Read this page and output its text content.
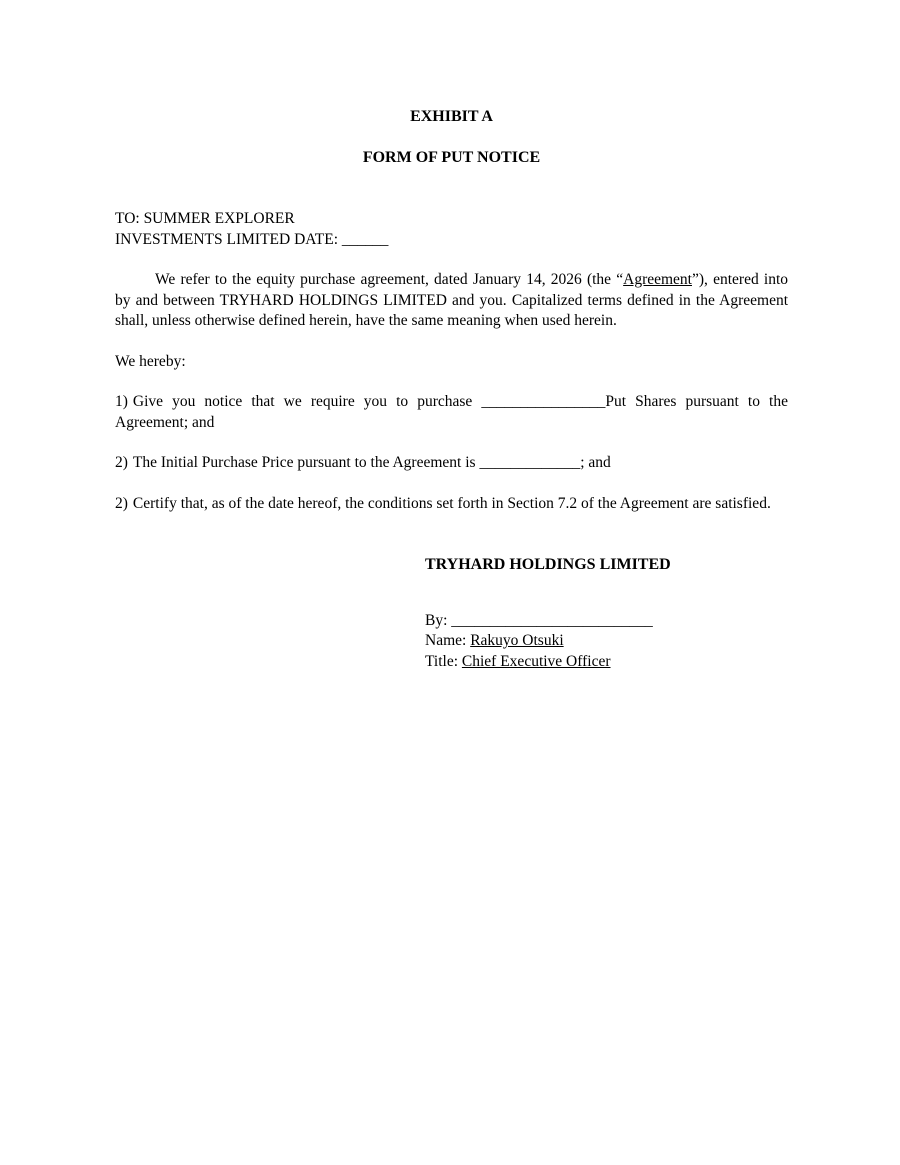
EXHIBIT A

FORM OF PUT NOTICE

TO: SUMMER EXPLORER
INVESTMENTS LIMITED DATE: ______

We refer to the equity purchase agreement, dated January 14, 2026 (the “Agreement”), entered into by and between TRYHARD HOLDINGS LIMITED and you. Capitalized terms defined in the Agreement shall, unless otherwise defined herein, have the same meaning when used herein.

We hereby:

1) Give you notice that we require you to purchase ________________Put Shares pursuant to the Agreement; and

2) The Initial Purchase Price pursuant to the Agreement is _____________; and

2) Certify that, as of the date hereof, the conditions set forth in Section 7.2 of the Agreement are satisfied.

TRYHARD HOLDINGS LIMITED

By: __________________________

Name: Rakuyo Otsuki

Title: Chief Executive Officer
